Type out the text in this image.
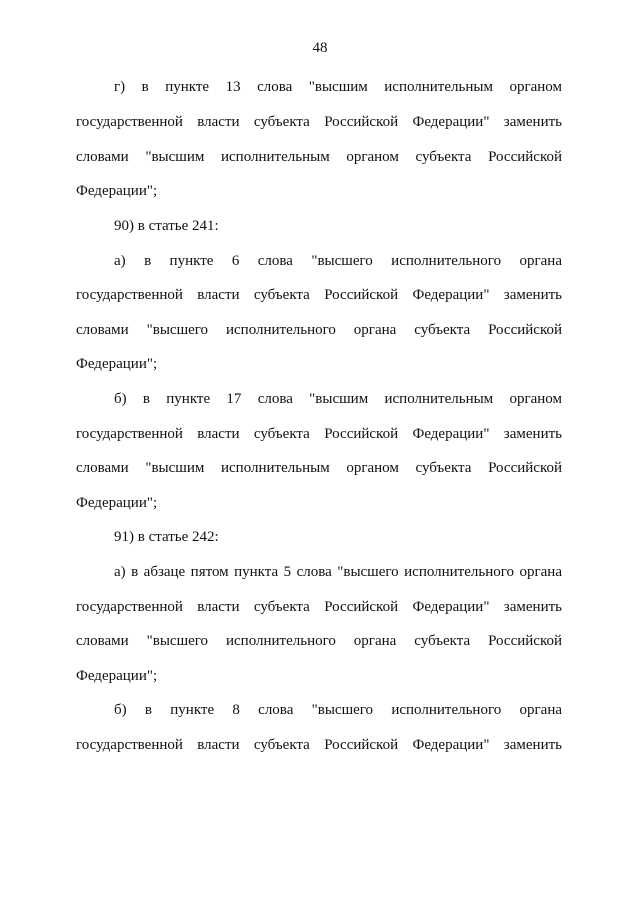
48
г) в пункте 13 слова "высшим исполнительным органом
государственной власти субъекта Российской Федерации" заменить
словами "высшим исполнительным органом субъекта Российской
Федерации";
90) в статье 241:
а) в пункте 6 слова "высшего исполнительного органа
государственной власти субъекта Российской Федерации" заменить
словами "высшего исполнительного органа субъекта Российской
Федерации";
б) в пункте 17 слова "высшим исполнительным органом
государственной власти субъекта Российской Федерации" заменить
словами "высшим исполнительным органом субъекта Российской
Федерации";
91) в статье 242:
а) в абзаце пятом пункта 5 слова "высшего исполнительного органа
государственной власти субъекта Российской Федерации" заменить
словами "высшего исполнительного органа субъекта Российской
Федерации";
б) в пункте 8 слова "высшего исполнительного органа
государственной власти субъекта Российской Федерации" заменить
